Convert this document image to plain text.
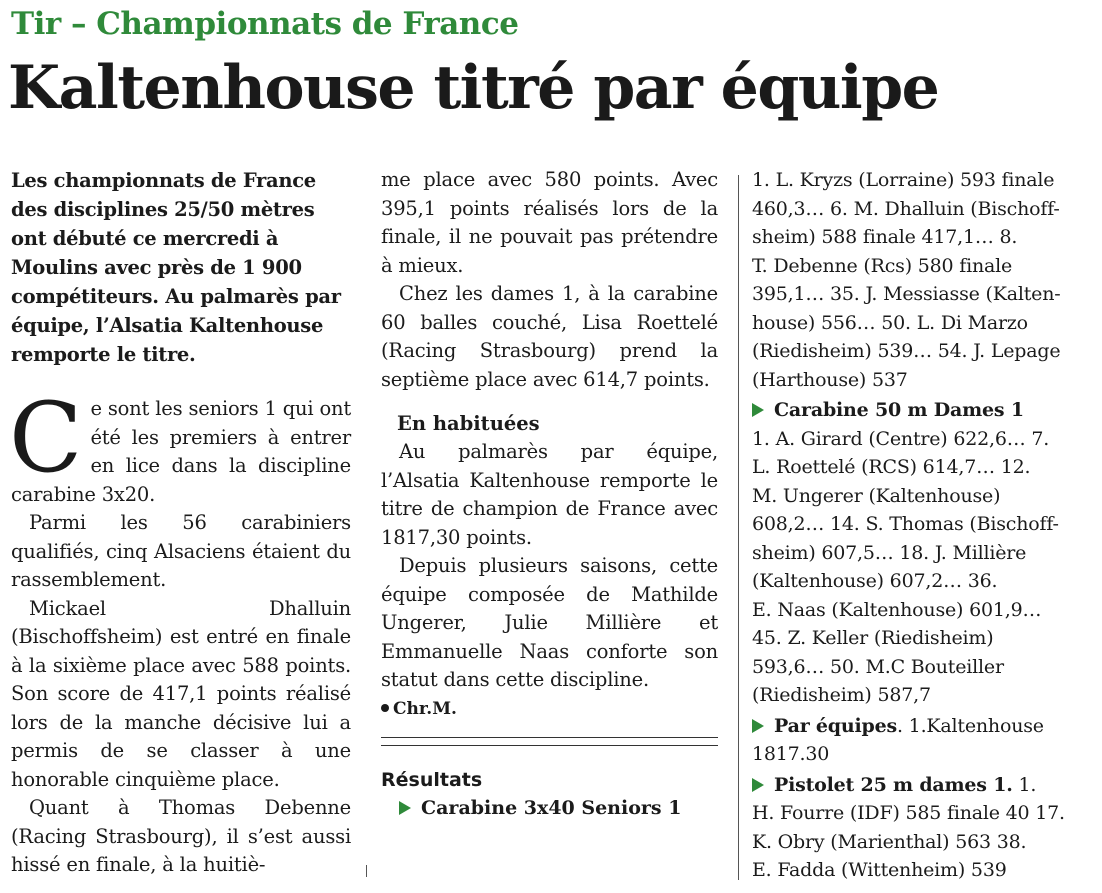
Tir – Championnats de France
Kaltenhouse titré par équipe

Les championnats de France des disciplines 25/50 mètres ont débuté ce mercredi à Moulins avec près de 1 900 compétiteurs. Au palmarès par équipe, l’Alsatia Kaltenhouse remporte le titre.

C e sont les seniors 1 qui ont été les premiers à entrer en lice dans la discipline carabine 3x20.

Parmi les 56 carabiniers qualifiés, cinq Alsaciens étaient du rassemblement.

Mickael Dhalluin (Bischoffsheim) est entré en finale à la sixième place avec 588 points. Son score de 417,1 points réalisé lors de la manche décisive lui a permis de se classer à une honorable cinquième place.

Quant à Thomas Debenne (Racing Strasbourg), il s’est aussi hissé en finale, à la huitiè-

me place avec 580 points. Avec 395,1 points réalisés lors de la finale, il ne pouvait pas prétendre à mieux.

Chez les dames 1, à la carabine 60 balles couché, Lisa Roettelé (Racing Strasbourg) prend la septième place avec 614,7 points.

En habituées

Au palmarès par équipe, l’Alsatia Kaltenhouse remporte le titre de champion de France avec 1817,30 points.

Depuis plusieurs saisons, cette équipe composée de Mathilde Ungerer, Julie Millière et Emmanuelle Naas conforte son statut dans cette discipline.

Chr.M.
Résultats

Carabine 3x40 Seniors 1

1. L. Kryzs (Lorraine) 593 finale

460,3… 6. M. Dhalluin (Bischoff-

sheim) 588 finale 417,1… 8.

T. Debenne (Rcs) 580 finale

395,1… 35. J. Messiasse (Kalten-

house) 556… 50. L. Di Marzo

(Riedisheim) 539… 54. J. Lepage

(Harthouse) 537

Carabine 50 m Dames 1

1. A. Girard (Centre) 622,6… 7.

L. Roettelé (RCS) 614,7… 12.

M. Ungerer (Kaltenhouse)

608,2… 14. S. Thomas (Bischoff-

sheim) 607,5… 18. J. Millière

(Kaltenhouse) 607,2… 36.

E. Naas (Kaltenhouse) 601,9…

45. Z. Keller (Riedisheim)

593,6… 50. M.C Bouteiller

(Riedisheim) 587,7

Par équipes. 1.Kaltenhouse

1817.30

Pistolet 25 m dames 1. 1.

H. Fourre (IDF) 585 finale 40 17.

K. Obry (Marienthal) 563 38.

E. Fadda (Wittenheim) 539
